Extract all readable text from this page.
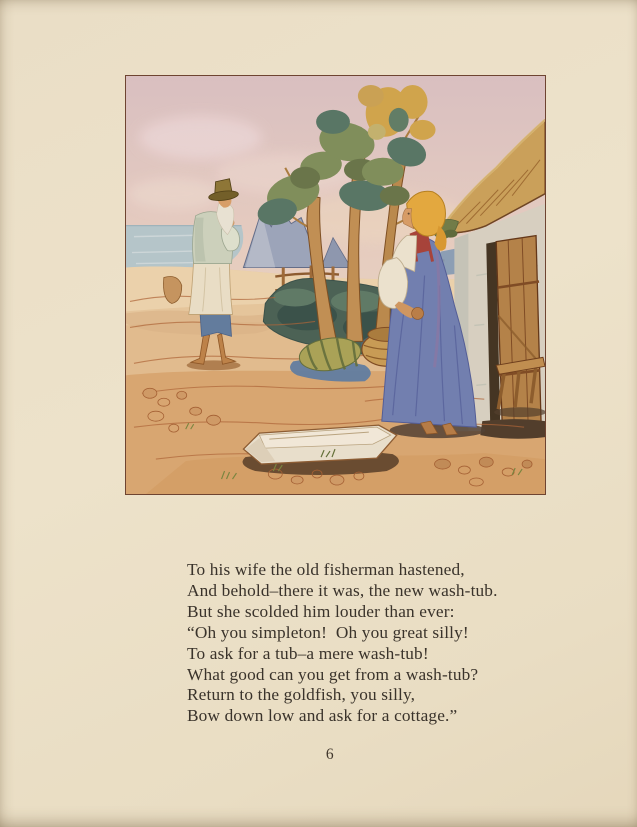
To his wife the old fisherman hastened,

And behold–there it was, the new wash-tub.

But she scolded him louder than ever:

“Oh you simpleton!  Oh you great silly!

To ask for a tub–a mere wash-tub!

What good can you get from a wash-tub?

Return to the goldfish, you silly,

Bow down low and ask for a cottage.”

6
